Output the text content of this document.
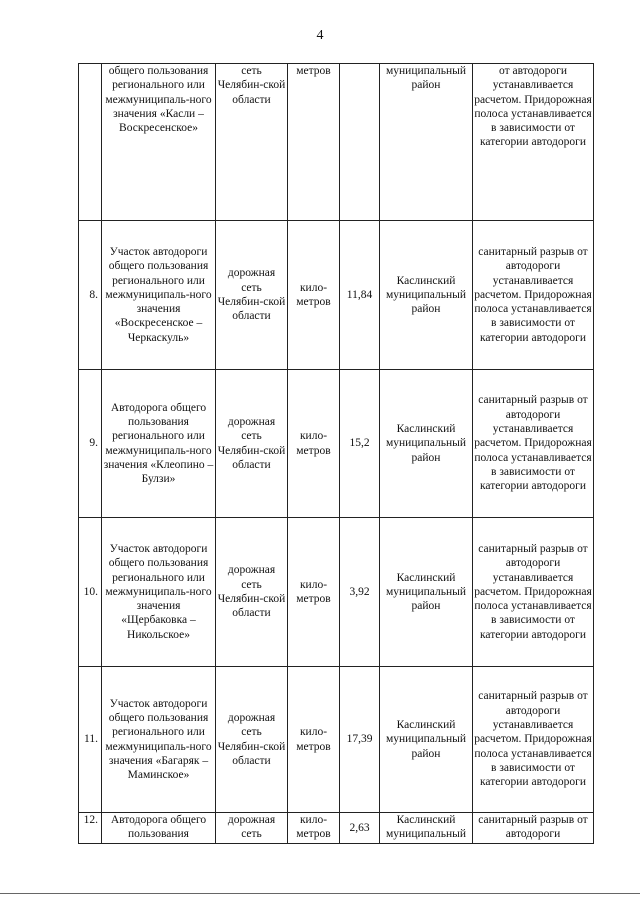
4
	общего пользования регионального или межмуниципаль-ного значения «Касли – Воскресенское»	сеть Челябин-ской области	метров		муниципальный район	от автодороги устанавливается расчетом. Придорожная полоса устанавливается в зависимости от категории автодороги
8.	Участок автодороги общего пользования регионального или межмуниципаль-ного значения «Воскресенское – Черкаскуль»	дорожная сеть Челябин-ской области	кило-метров	11,84	Каслинский муниципальный район	санитарный разрыв от автодороги устанавливается расчетом. Придорожная полоса устанавливается в зависимости от категории автодороги
9.	Автодорога общего пользования регионального или межмуниципаль-ного значения «Клеопино – Булзи»	дорожная сеть Челябин-ской области	кило-метров	15,2	Каслинский муниципальный район	санитарный разрыв от автодороги устанавливается расчетом. Придорожная полоса устанавливается в зависимости от категории автодороги
10.	Участок автодороги общего пользования регионального или межмуниципаль-ного значения «Щербаковка – Никольское»	дорожная сеть Челябин-ской области	кило-метров	3,92	Каслинский муниципальный район	санитарный разрыв от автодороги устанавливается расчетом. Придорожная полоса устанавливается в зависимости от категории автодороги
11.	Участок автодороги общего пользования регионального или межмуниципаль-ного значения «Багаряк – Маминское»	дорожная сеть Челябин-ской области	кило-метров	17,39	Каслинский муниципальный район	санитарный разрыв от автодороги устанавливается расчетом. Придорожная полоса устанавливается в зависимости от категории автодороги
12.	Автодорога общего пользования	дорожная сеть	кило-метров	2,63	Каслинский муниципальный	санитарный разрыв от автодороги
